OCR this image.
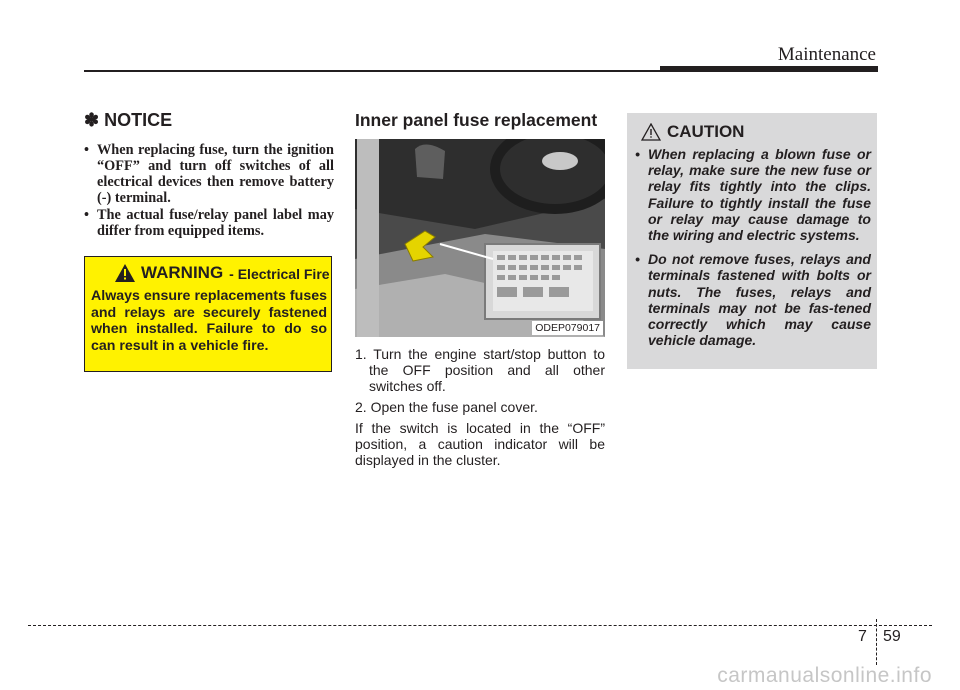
Maintenance
✽ NOTICE
• When replacing fuse, turn the ignition “OFF” and turn off switches of all electrical devices then remove battery (-) terminal.
• The actual fuse/relay panel label may differ from equipped items.
WARNING - Electrical Fire
Always ensure replacements fuses and relays are securely fastened when installed. Failure to do so can result in a vehicle fire.
Inner panel fuse replacement
ODEP079017

1. Turn the engine start/stop button to the OFF position and all other switches off.

2. Open the fuse panel cover.

If the switch is located in the “OFF” position, a caution indicator will be displayed in the cluster.

CAUTION
• When replacing a blown fuse or relay, make sure the new fuse or relay fits tightly into the clips. Failure to tightly install the fuse or relay may cause damage to the wiring and electric systems.
• Do not remove fuses, relays and terminals fastened with bolts or nuts. The fuses, relays and terminals may not be fas-tened correctly which may cause vehicle damage.
7 59
carmanualsonline.info
